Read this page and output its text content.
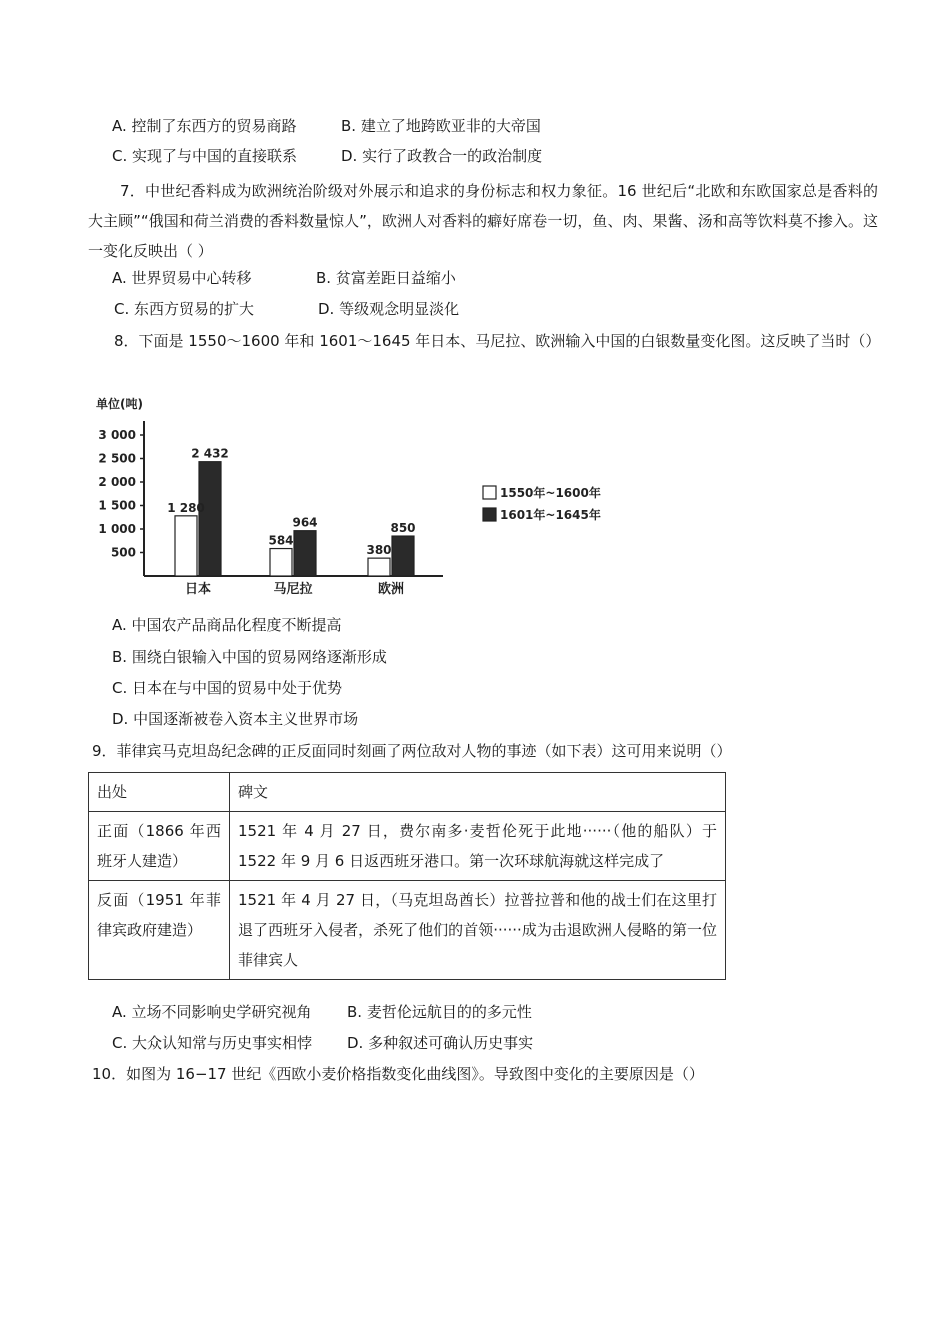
A. 控制了东西方的贸易商路	B. 建立了地跨欧亚非的大帝国
C. 实现了与中国的直接联系	D. 实行了政教合一的政治制度
7．中世纪香料成为欧洲统治阶级对外展示和追求的身份标志和权力象征。16 世纪后“北欧和东欧国家总是香料的大主顾”“俄国和荷兰消费的香料数量惊人”，欧洲人对香料的癖好席卷一切，鱼、肉、果酱、汤和高等饮料莫不掺入。这一变化反映出（ ）
A. 世界贸易中心转移	B. 贫富差距日益缩小
C. 东西方贸易的扩大	D. 等级观念明显淡化
8．下面是 1550～1600 年和 1601～1645 年日本、马尼拉、欧洲输入中国的白银数量变化图。这反映了当时（）
单位(吨)
3 000
2 500
2 000
1 500
1 000
500
1 280
2 432
日本
584
964
马尼拉
380
850
欧洲
1550年~1600年
1601年~1645年
A. 中国农产品商品化程度不断提高
B. 围绕白银输入中国的贸易网络逐渐形成
C. 日本在与中国的贸易中处于优势
D. 中国逐渐被卷入资本主义世界市场
9．菲律宾马克坦岛纪念碑的正反面同时刻画了两位敌对人物的事迹（如下表）这可用来说明（）
出处	碑文
正面（1866 年西班牙人建造）	1521 年 4 月 27 日，费尔南多·麦哲伦死于此地······（他的船队）于 1522 年 9 月 6 日返西班牙港口。第一次环球航海就这样完成了
反面（1951 年菲律宾政府建造）	1521 年 4 月 27 日，（马克坦岛酋长）拉普拉普和他的战士们在这里打退了西班牙入侵者，杀死了他们的首领······成为击退欧洲人侵略的第一位菲律宾人
A. 立场不同影响史学研究视角 B. 麦哲伦远航目的的多元性
C. 大众认知常与历史事实相悖 D. 多种叙述可确认历史事实
10．如图为 16−17 世纪《西欧小麦价格指数变化曲线图》。导致图中变化的主要原因是（）
